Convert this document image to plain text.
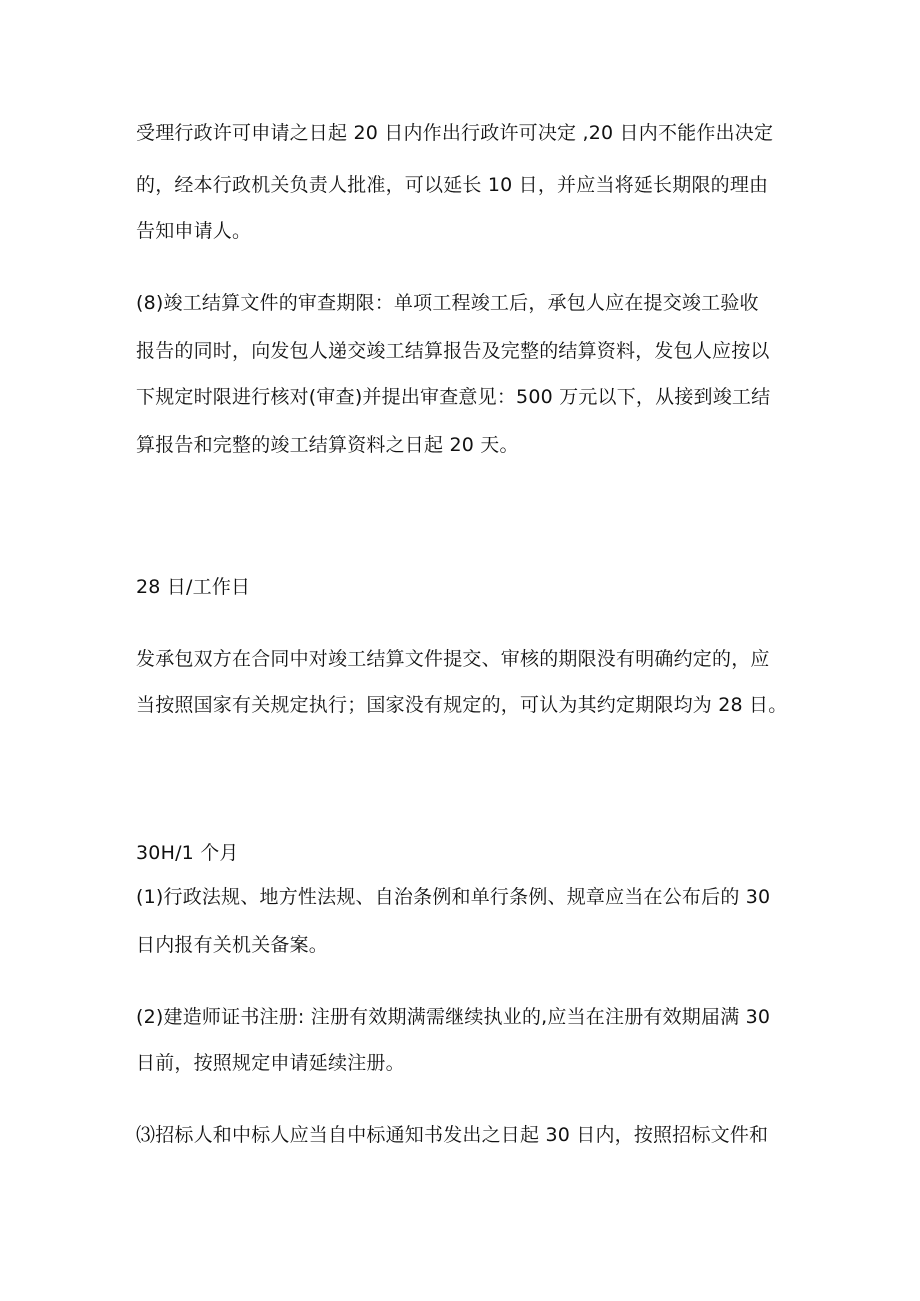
受理行政许可申请之日起 20 日内作出行政许可决定 ,20 日内不能作出决定
的，经本行政机关负责人批准，可以延长 10 日，并应当将延长期限的理由
告知申请人。
(8)竣工结算文件的审查期限：单项工程竣工后，承包人应在提交竣工验收
报告的同时，向发包人递交竣工结算报告及完整的结算资料，发包人应按以
下规定时限进行核对(审查)并提出审查意见：500 万元以下，从接到竣工结
算报告和完整的竣工结算资料之日起 20 天。
28 日/工作日
发承包双方在合同中对竣工结算文件提交、审核的期限没有明确约定的，应
当按照国家有关规定执行；国家没有规定的，可认为其约定期限均为 28 日。
30H/1 个月
(1)行政法规、地方性法规、自治条例和单行条例、规章应当在公布后的 30
日内报有关机关备案。
(2)建造师证书注册: 注册有效期满需继续执业的,应当在注册有效期届满 30
日前，按照规定申请延续注册。
⑶招标人和中标人应当自中标通知书发出之日起 30 日内，按照招标文件和
